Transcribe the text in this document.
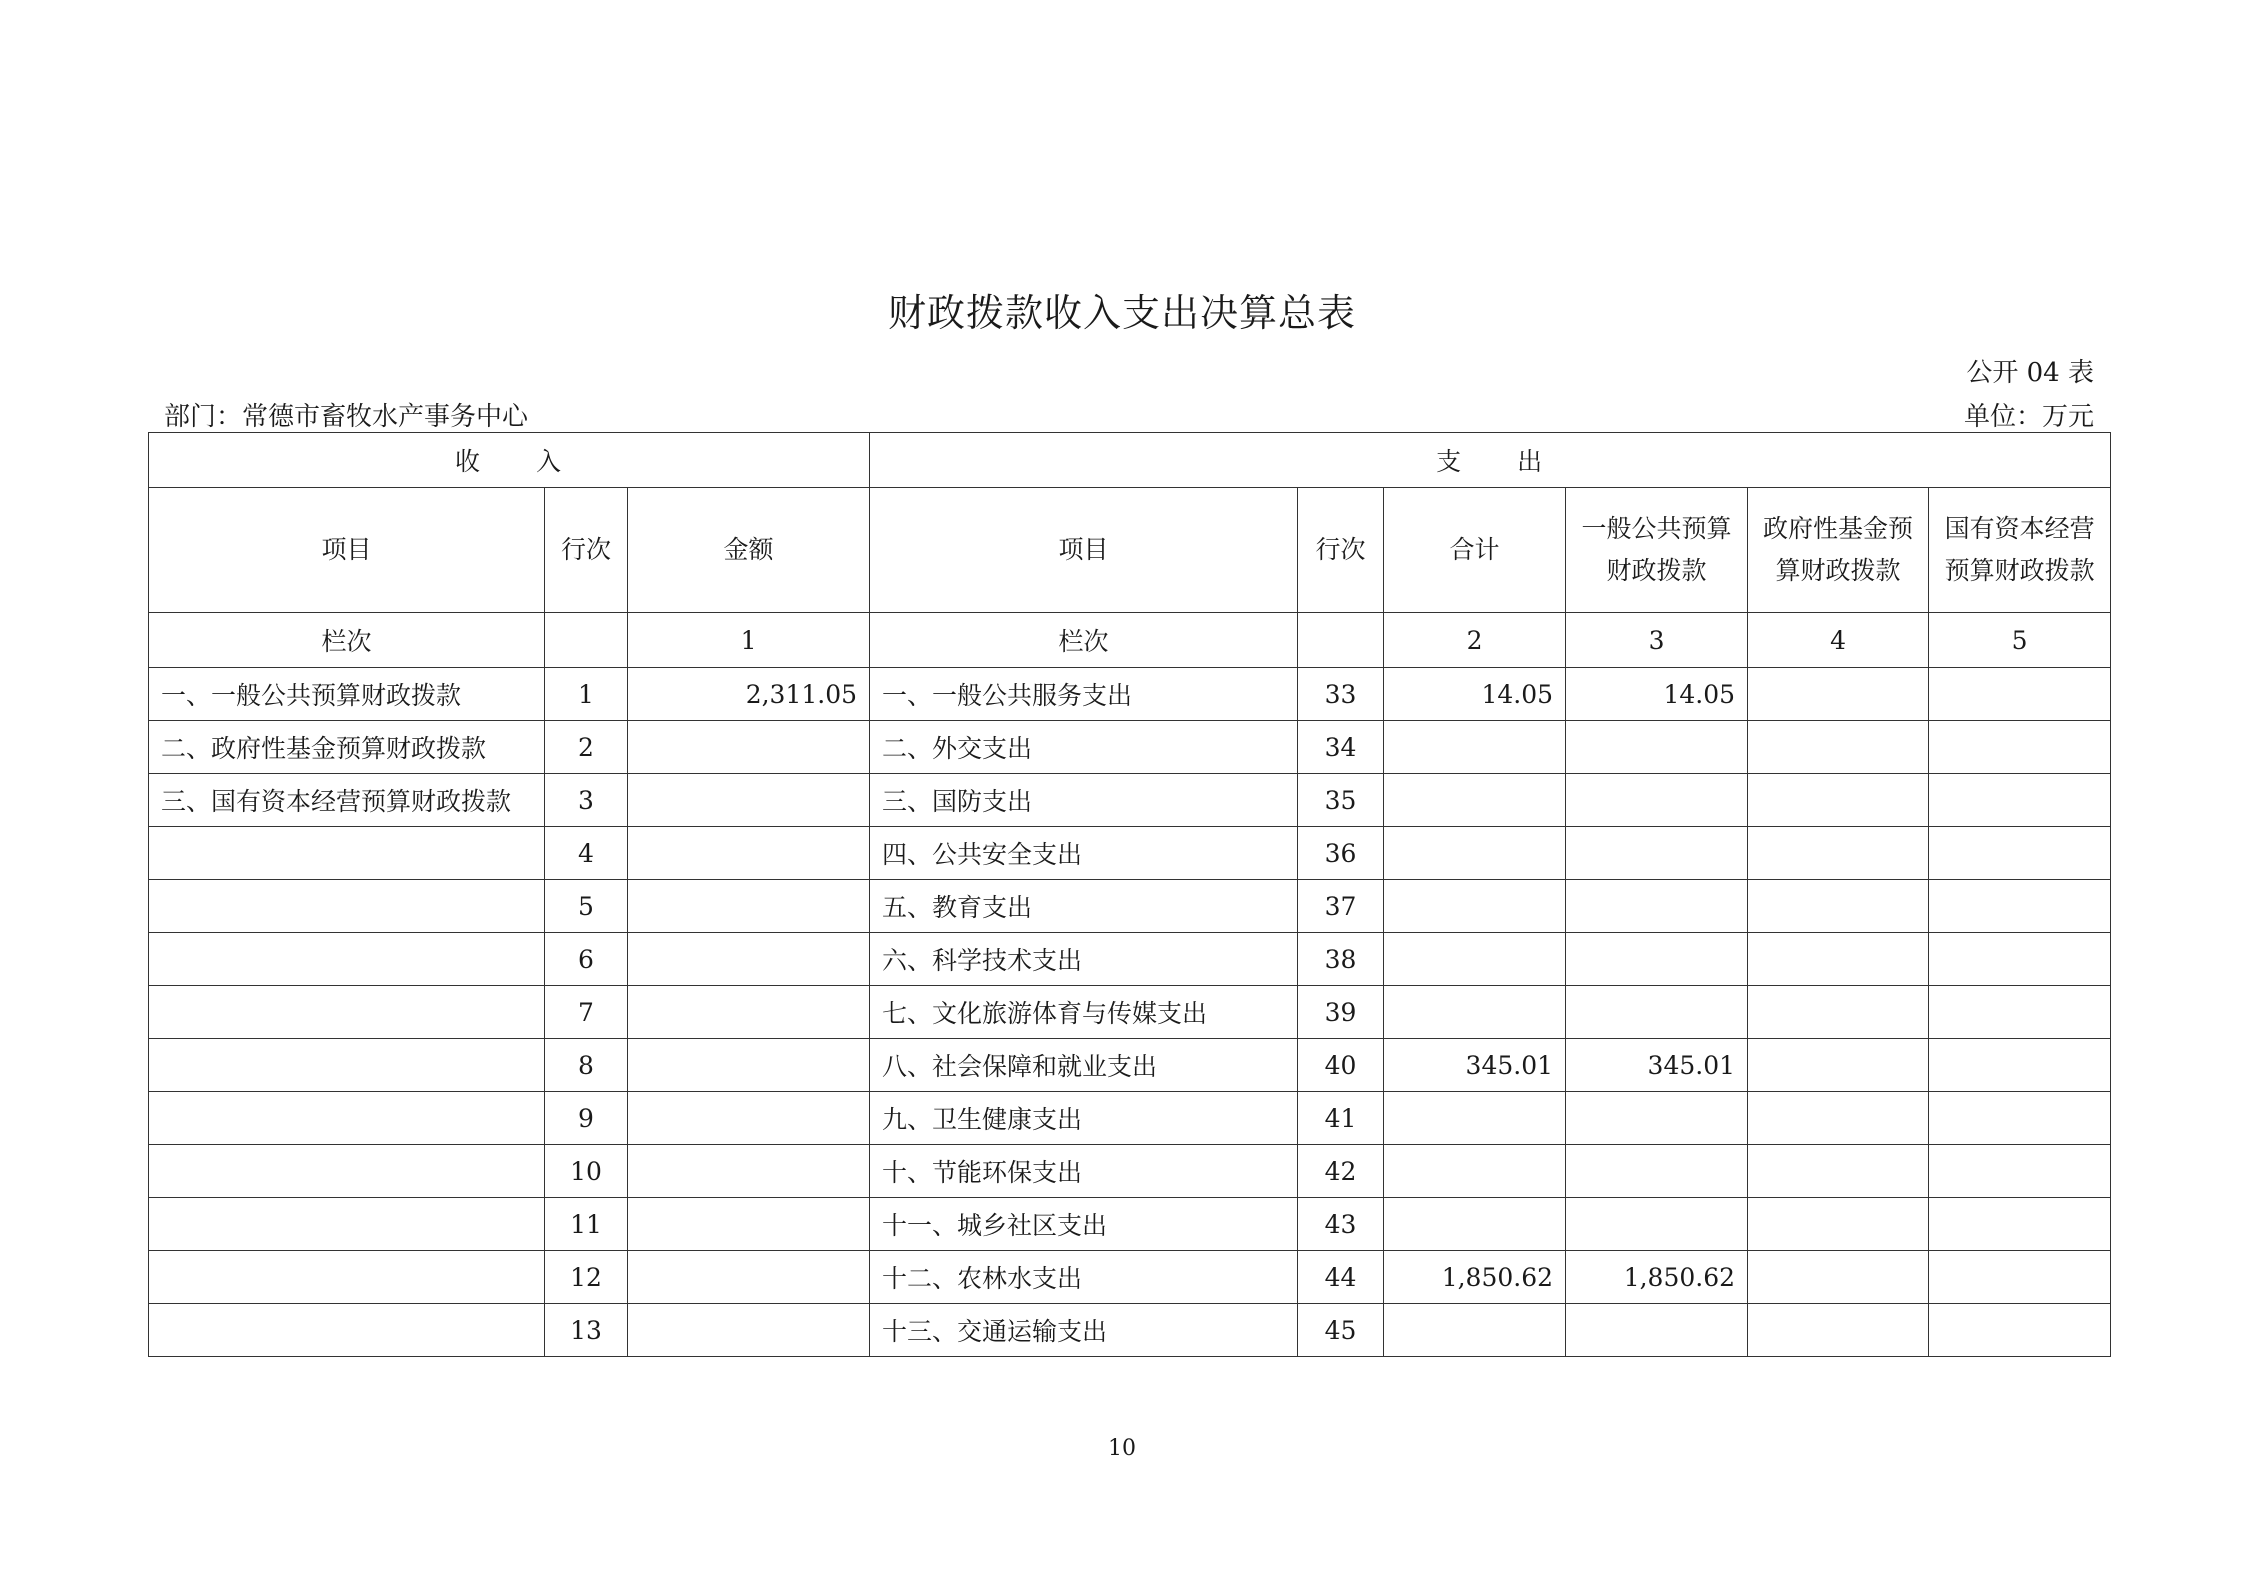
财政拨款收入支出决算总表
公开 04 表
部门：常德市畜牧水产事务中心	单位：万元
收　　入			支　　出					
项目	行次	金额	项目	行次	合计	一般公共预算财政拨款	政府性基金预算财政拨款	国有资本经营预算财政拨款
栏次		1	栏次		2	3	4	5
一、一般公共预算财政拨款	1	2,311.05	一、一般公共服务支出	33	14.05	14.05		
二、政府性基金预算财政拨款	2		二、外交支出	34				
三、国有资本经营预算财政拨款	3		三、国防支出	35				
	4		四、公共安全支出	36				
	5		五、教育支出	37				
	6		六、科学技术支出	38				
	7		七、文化旅游体育与传媒支出	39				
	8		八、社会保障和就业支出	40	345.01	345.01		
	9		九、卫生健康支出	41				
	10		十、节能环保支出	42				
	11		十一、城乡社区支出	43				
	12		十二、农林水支出	44	1,850.62	1,850.62		
	13		十三、交通运输支出	45				
10
